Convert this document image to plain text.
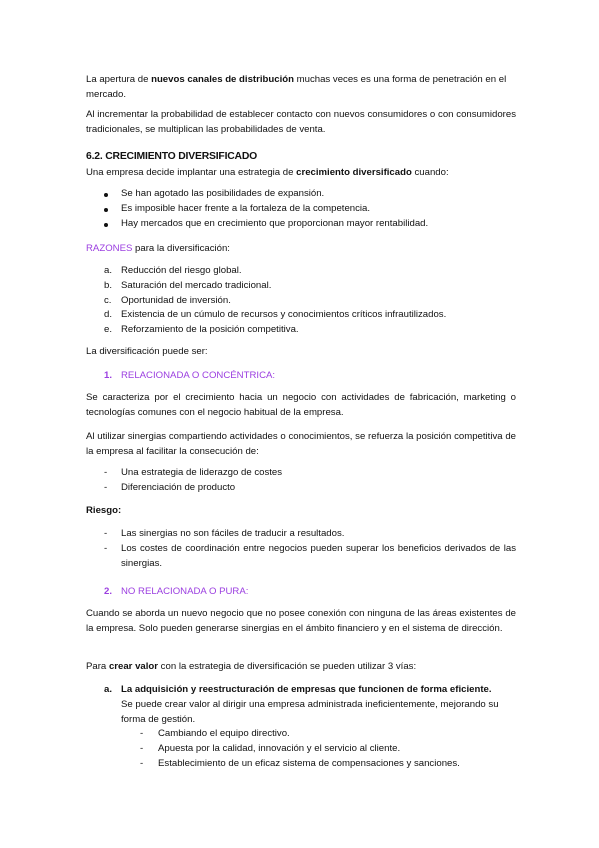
La apertura de nuevos canales de distribución muchas veces es una forma de penetración en el mercado.

Al incrementar la probabilidad de establecer contacto con nuevos consumidores o con consumidores tradicionales, se multiplican las probabilidades de venta.

6.2. CRECIMIENTO DIVERSIFICADO

Una empresa decide implantar una estrategia de crecimiento diversificado cuando:

Se han agotado las posibilidades de expansión.

Es imposible hacer frente a la fortaleza de la competencia.

Hay mercados que en crecimiento que proporcionan mayor rentabilidad.

RAZONES para la diversificación:

a. Reducción del riesgo global.

b. Saturación del mercado tradicional.

c. Oportunidad de inversión.

d. Existencia de un cúmulo de recursos y conocimientos críticos infrautilizados.

e. Reforzamiento de la posición competitiva.

La diversificación puede ser:

1. RELACIONADA O CONCÉNTRICA:

Se caracteriza por el crecimiento hacia un negocio con actividades de fabricación, marketing o tecnologías comunes con el negocio habitual de la empresa.

Al utilizar sinergias compartiendo actividades o conocimientos, se refuerza la posición competitiva de la empresa al facilitar la consecución de:

- Una estrategia de liderazgo de costes

- Diferenciación de producto

Riesgo:

- Las sinergias no son fáciles de traducir a resultados.

- Los costes de coordinación entre negocios pueden superar los beneficios derivados de las sinergias.

2. NO RELACIONADA O PURA:

Cuando se aborda un nuevo negocio que no posee conexión con ninguna de las áreas existentes de la empresa. Solo pueden generarse sinergias en el ámbito financiero y en el sistema de dirección.

Para crear valor con la estrategia de diversificación se pueden utilizar 3 vías:

a. La adquisición y reestructuración de empresas que funcionen de forma eficiente.

Se puede crear valor al dirigir una empresa administrada ineficientemente, mejorando su forma de gestión.

- Cambiando el equipo directivo.

- Apuesta por la calidad, innovación y el servicio al cliente.

- Establecimiento de un eficaz sistema de compensaciones y sanciones.
